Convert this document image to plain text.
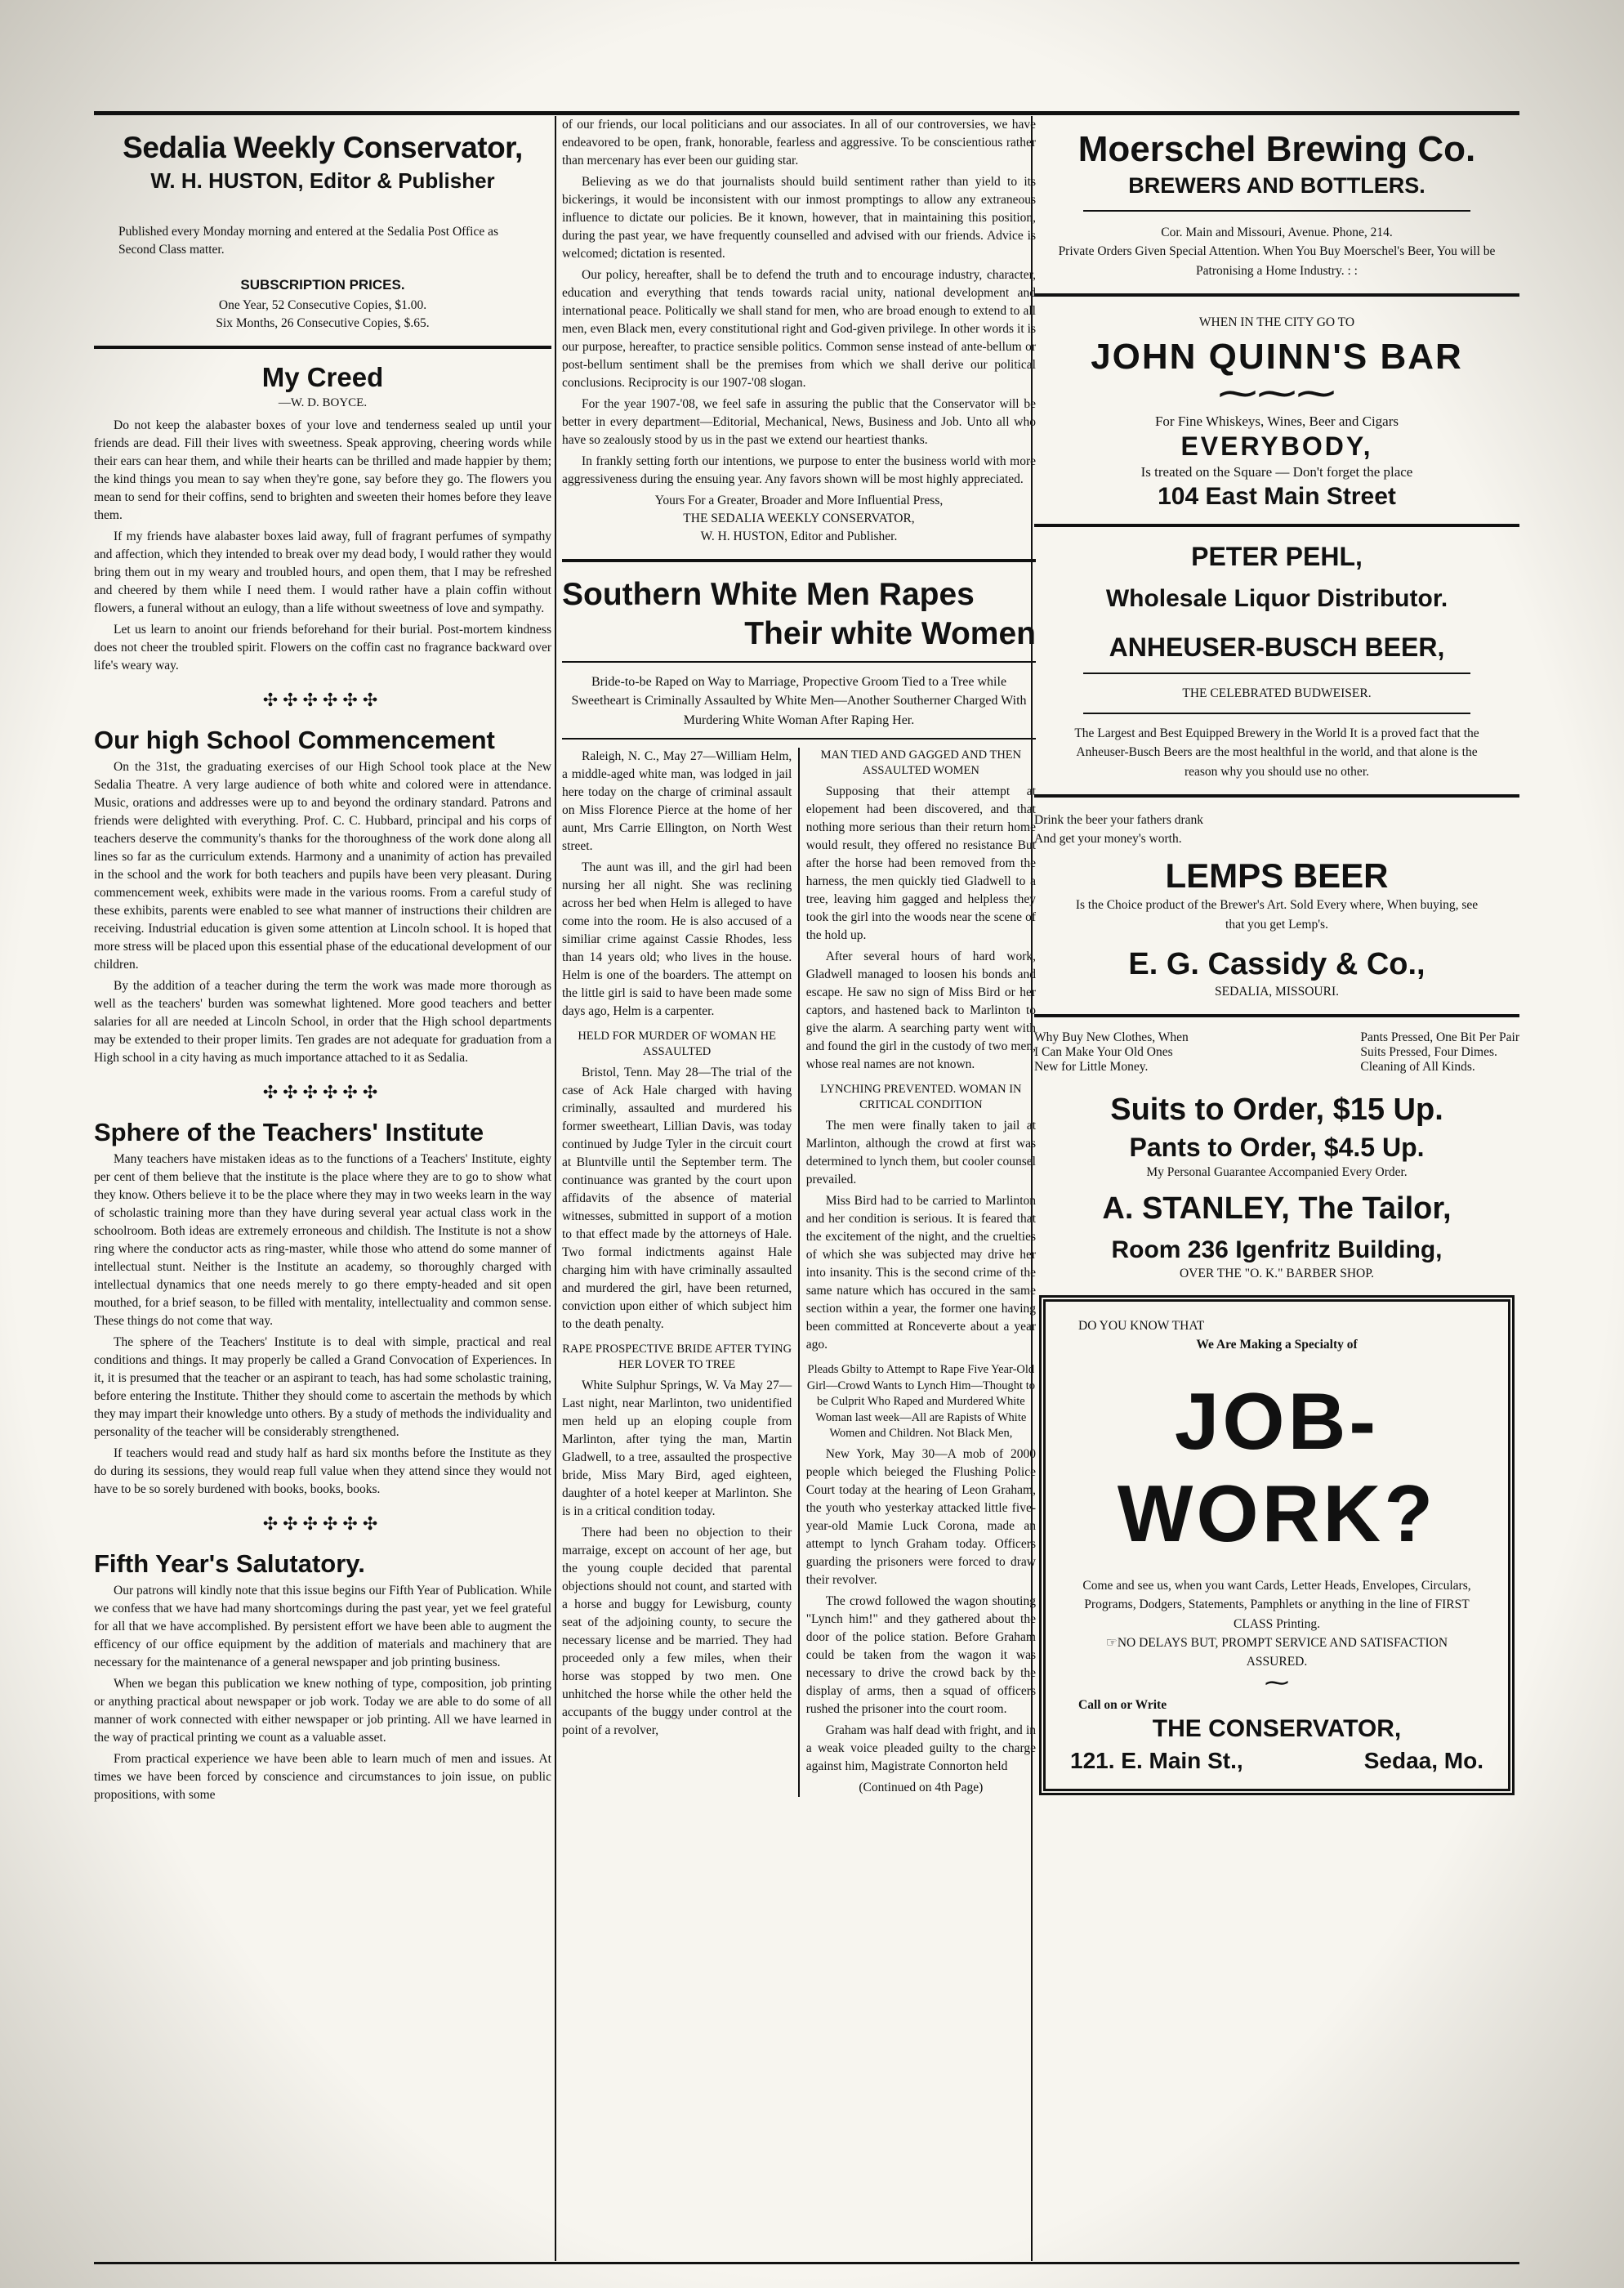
Sedalia Weekly Conservator,
W. H. HUSTON, Editor & Publisher

Published every Monday morning and entered at the Sedalia Post Office as Second Class matter.

SUBSCRIPTION PRICES.

One Year, 52 Consecutive Copies, $1.00.

Six Months, 26 Consecutive Copies, $.65.

My Creed
—W. D. BOYCE.

Do not keep the alabaster boxes of your love and tenderness sealed up until your friends are dead. Fill their lives with sweetness. Speak approving, cheering words while their ears can hear them, and while their hearts can be thrilled and made happier by them; the kind things you mean to say when they're gone, say before they go. The flowers you mean to send for their coffins, send to brighten and sweeten their homes before they leave them.

If my friends have alabaster boxes laid away, full of fragrant perfumes of sympathy and affection, which they intended to break over my dead body, I would rather they would bring them out in my weary and troubled hours, and open them, that I may be refreshed and cheered by them while I need them. I would rather have a plain coffin without flowers, a funeral without an eulogy, than a life without sweetness of love and sympathy.

Let us learn to anoint our friends beforehand for their burial. Post-mortem kindness does not cheer the troubled spirit. Flowers on the coffin cast no fragrance backward over life's weary way.

✣✣✣✣✣✣
Our high School Commencement

On the 31st, the graduating exercises of our High School took place at the New Sedalia Theatre. A very large audience of both white and colored were in attendance. Music, orations and addresses were up to and beyond the ordinary standard. Patrons and friends were delighted with everything. Prof. C. C. Hubbard, principal and his corps of teachers deserve the community's thanks for the thoroughness of the work done along all lines so far as the curriculum extends. Harmony and a unanimity of action has prevailed in the school and the work for both teachers and pupils have been very pleasant. During commencement week, exhibits were made in the various rooms. From a careful study of these exhibits, parents were enabled to see what manner of instructions their children are receiving. Industrial education is given some attention at Lincoln school. It is hoped that more stress will be placed upon this essential phase of the educational development of our children.

By the addition of a teacher during the term the work was made more thorough as well as the teachers' burden was somewhat lightened. More good teachers and better salaries for all are needed at Lincoln School, in order that the High school departments may be extended to their proper limits. Ten grades are not adequate for graduation from a High school in a city having as much importance attached to it as Sedalia.

✣✣✣✣✣✣
Sphere of the Teachers' Institute

Many teachers have mistaken ideas as to the functions of a Teachers' Institute, eighty per cent of them believe that the institute is the place where they are to go to show what they know. Others believe it to be the place where they may in two weeks learn in the way of scholastic training more than they have during several year actual class work in the schoolroom. Both ideas are extremely erroneous and childish. The Institute is not a show ring where the conductor acts as ring-master, while those who attend do some manner of intellectual stunt. Neither is the Institute an academy, so thoroughly charged with intellectual dynamics that one needs merely to go there empty-headed and sit open mouthed, for a brief season, to be filled with mentality, intellectuality and common sense. These things do not come that way.

The sphere of the Teachers' Institute is to deal with simple, practical and real conditions and things. It may properly be called a Grand Convocation of Experiences. In it, it is presumed that the teacher or an aspirant to teach, has had some scholastic training, before entering the Institute. Thither they should come to ascertain the methods by which they may impart their knowledge unto others. By a study of methods the individuality and personality of the teacher will be considerably strengthened.

If teachers would read and study half as hard six months before the Institute as they do during its sessions, they would reap full value when they attend since they would not have to be so sorely burdened with books, books, books.

✣✣✣✣✣✣
Fifth Year's Salutatory.

Our patrons will kindly note that this issue begins our Fifth Year of Publication. While we confess that we have had many shortcomings during the past year, yet we feel grateful for all that we have accomplished. By persistent effort we have been able to augment the efficency of our office equipment by the addition of materials and machinery that are necessary for the maintenance of a general newspaper and job printing business.

When we began this publication we knew nothing of type, composition, job printing or anything practical about newspaper or job work. Today we are able to do some of all manner of work connected with either newspaper or job printing. All we have learned in the way of practical printing we count as a valuable asset.

From practical experience we have been able to learn much of men and issues. At times we have been forced by conscience and circumstances to join issue, on public propositions, with some

of our friends, our local politicians and our associates. In all of our controversies, we have endeavored to be open, frank, honorable, fearless and aggressive. To be conscientious rather than mercenary has ever been our guiding star.

Believing as we do that journalists should build sentiment rather than yield to its bickerings, it would be inconsistent with our inmost promptings to allow any extraneous influence to dictate our policies. Be it known, however, that in maintaining this position, during the past year, we have frequently counselled and advised with our friends. Advice is welcomed; dictation is resented.

Our policy, hereafter, shall be to defend the truth and to encourage industry, character, education and everything that tends towards racial unity, national development and international peace. Politically we shall stand for men, who are broad enough to extend to all men, even Black men, every constitutional right and God-given privilege. In other words it is our purpose, hereafter, to practice sensible politics. Common sense instead of ante-bellum or post-bellum sentiment shall be the premises from which we shall derive our political conclusions. Reciprocity is our 1907-'08 slogan.

For the year 1907-'08, we feel safe in assuring the public that the Conservator will be better in every department—Editorial, Mechanical, News, Business and Job. Unto all who have so zealously stood by us in the past we extend our heartiest thanks.

In frankly setting forth our intentions, we purpose to enter the business world with more aggressiveness during the ensuing year. Any favors shown will be most highly appreciated.

Yours For a Greater, Broader and More Influential Press,

THE SEDALIA WEEKLY CONSERVATOR,

W. H. HUSTON, Editor and Publisher.

Southern White Men Rapes
Their white Women
Bride-to-be Raped on Way to Marriage, Propective Groom Tied to a Tree while Sweetheart is Criminally Assaulted by White Men—Another Southerner Charged With Murdering White Woman After Raping Her.

Raleigh, N. C., May 27—William Helm, a middle-aged white man, was lodged in jail here today on the charge of criminal assault on Miss Florence Pierce at the home of her aunt, Mrs Carrie Ellington, on North West street.

The aunt was ill, and the girl had been nursing her all night. She was reclining across her bed when Helm is alleged to have come into the room. He is also accused of a similiar crime against Cassie Rhodes, less than 14 years old; who lives in the house. Helm is one of the boarders. The attempt on the little girl is said to have been made some days ago, Helm is a carpenter.

HELD FOR MURDER OF WOMAN HE ASSAULTED

Bristol, Tenn. May 28—The trial of the case of Ack Hale charged with having criminally, assaulted and murdered his former sweetheart, Lillian Davis, was today continued by Judge Tyler in the circuit court at Bluntville until the September term. The continuance was granted by the court upon affidavits of the absence of material witnesses, submitted in support of a motion to that effect made by the attorneys of Hale. Two formal indictments against Hale charging him with have criminally assaulted and murdered the girl, have been returned, conviction upon either of which subject him to the death penalty.

RAPE PROSPECTIVE BRIDE AFTER TYING HER LOVER TO TREE

White Sulphur Springs, W. Va May 27—Last night, near Marlinton, two unidentified men held up an eloping couple from Marlinton, after tying the man, Martin Gladwell, to a tree, assaulted the prospective bride, Miss Mary Bird, aged eighteen, daughter of a hotel keeper at Marlinton. She is in a critical condition today.

There had been no objection to their marraige, except on account of her age, but the young couple decided that parental objections should not count, and started with a horse and buggy for Lewisburg, county seat of the adjoining county, to secure the necessary license and be married. They had proceeded only a few miles, when their horse was stopped by two men. One unhitched the horse while the other held the accupants of the buggy under control at the point of a revolver,

MAN TIED AND GAGGED AND THEN ASSAULTED WOMEN

Supposing that their attempt at elopement had been discovered, and that nothing more serious than their return home would result, they offered no resistance But after the horse had been removed from the harness, the men quickly tied Gladwell to a tree, leaving him gagged and helpless they took the girl into the woods near the scene of the hold up.

After several hours of hard work, Gladwell managed to loosen his bonds and escape. He saw no sign of Miss Bird or her captors, and hastened back to Marlinton to give the alarm. A searching party went with and found the girl in the custody of two men, whose real names are not known.

LYNCHING PREVENTED. WOMAN IN CRITICAL CONDITION

The men were finally taken to jail at Marlinton, although the crowd at first was determined to lynch them, but cooler counsel prevailed.

Miss Bird had to be carried to Marlinton and her condition is serious. It is feared that the excitement of the night, and the cruelties of which she was subjected may drive her into insanity. This is the second crime of the same nature which has occured in the same section within a year, the former one having been committed at Ronceverte about a year ago.

Pleads Gbilty to Attempt to Rape Five Year-Old Girl—Crowd Wants to Lynch Him—Thought to be Culprit Who Raped and Murdered White Woman last week—All are Rapists of White Women and Children. Not Black Men,

New York, May 30—A mob of 2000 people which beieged the Flushing Police Court today at the hearing of Leon Graham, the youth who yesterkay attacked little five-year-old Mamie Luck Corona, made an attempt to lynch Graham today. Officers guarding the prisoners were forced to draw their revolver.

The crowd followed the wagon shouting "Lynch him!" and they gathered about the door of the police station. Before Graham could be taken from the wagon it was necessary to drive the crowd back by the display of arms, then a squad of officers rushed the prisoner into the court room.

Graham was half dead with fright, and in a weak voice pleaded guilty to the charge against him, Magistrate Connorton held

(Continued on 4th Page)

Moerschel Brewing Co.
BREWERS AND BOTTLERS.

Cor. Main and Missouri, Avenue. Phone, 214.

Private Orders Given Special Attention. When You Buy Moerschel's Beer, You will be Patronising a Home Industry. : :

WHEN IN THE CITY GO TO

JOHN QUINN'S BAR
⁓⁓⁓

For Fine Whiskeys, Wines, Beer and Cigars

EVERYBODY,

Is treated on the Square — Don't forget the place

104 East Main Street
PETER PEHL,
Wholesale Liquor Distributor.
ANHEUSER-BUSCH BEER,

THE CELEBRATED BUDWEISER.

The Largest and Best Equipped Brewery in the World It is a proved fact that the Anheuser-Busch Beers are the most healthful in the world, and that alone is the reason why you should use no other.

Drink the beer your fathers drank

And get your money's worth.

LEMPS BEER

Is the Choice product of the Brewer's Art. Sold Every where, When buying, see that you get Lemp's.

E. G. Cassidy & Co.,

SEDALIA, MISSOURI.

Why Buy New Clothes, When
I Can Make Your Old Ones
New for Little Money.
Pants Pressed, One Bit Per Pair
Suits Pressed, Four Dimes.
Cleaning of All Kinds.
Suits to Order, $15 Up.
Pants to Order, $4.5 Up.

My Personal Guarantee Accompanied Every Order.

A. STANLEY, The Tailor,
Room 236 Igenfritz Building,

OVER THE "O. K." BARBER SHOP.

DO YOU KNOW THAT

We Are Making a Specialty of

JOB-WORK?

Come and see us, when you want Cards, Letter Heads, Envelopes, Circulars, Programs, Dodgers, Statements, Pamphlets or anything in the line of FIRST CLASS Printing.

☞NO DELAYS BUT, PROMPT SERVICE AND SATISFACTION ASSURED.

⁓

Call on or Write

THE CONSERVATOR,
121. E. Main St.,	Sedaa, Mo.
